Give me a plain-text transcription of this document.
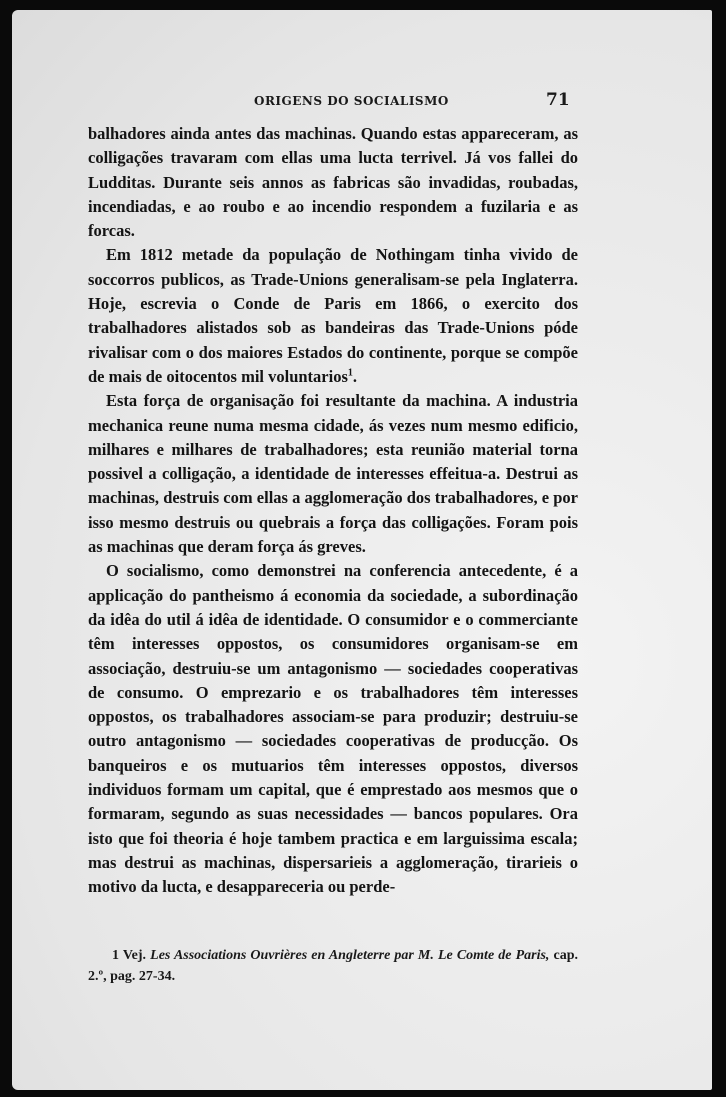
ORIGENS DO SOCIALISMO	71

balhadores ainda antes das machinas. Quando estas appareceram, as colligações travaram com ellas uma lucta terrivel. Já vos fallei do Ludditas. Durante seis annos as fabricas são invadidas, roubadas, incendiadas, e ao roubo e ao incendio respondem a fuzilaria e as forcas.

Em 1812 metade da população de Nothingam tinha vivido de soccorros publicos, as Trade-Unions generalisam-se pela Inglaterra. Hoje, escrevia o Conde de Paris em 1866, o exercito dos trabalhadores alistados sob as bandeiras das Trade-Unions póde rivalisar com o dos maiores Estados do continente, porque se compõe de mais de oitocentos mil voluntarios$^1$.

Esta força de organisação foi resultante da machina. A industria mechanica reune numa mesma cidade, ás vezes num mesmo edificio, milhares e milhares de trabalhadores; esta reunião material torna possivel a colligação, a identidade de interesses effeitua-a. Destrui as machinas, destruis com ellas a agglomeração dos trabalhadores, e por isso mesmo destruis ou quebrais a força das colligações. Foram pois as machinas que deram força ás greves.

O socialismo, como demonstrei na conferencia antecedente, é a applicação do pantheismo á economia da sociedade, a subordinação da idêa do util á idêa de identidade. O consumidor e o commerciante têm interesses oppostos, os consumidores organisam-se em associação, destruiu-se um antagonismo — sociedades cooperativas de consumo. O emprezario e os trabalhadores têm interesses oppostos, os trabalhadores associam-se para produzir; destruiu-se outro antagonismo — sociedades cooperativas de producção. Os banqueiros e os mutuarios têm interesses oppostos, diversos individuos formam um capital, que é emprestado aos mesmos que o formaram, segundo as suas necessidades — bancos populares. Ora isto que foi theoria é hoje tambem practica e em larguissima escala; mas destrui as machinas, dispersarieis a agglomeração, tirarieis o motivo da lucta, e desappareceria ou perde-

1 Vej. Les Associations Ouvrières en Angleterre par M. Le Comte de Paris, cap. 2.º, pag. 27-34.
